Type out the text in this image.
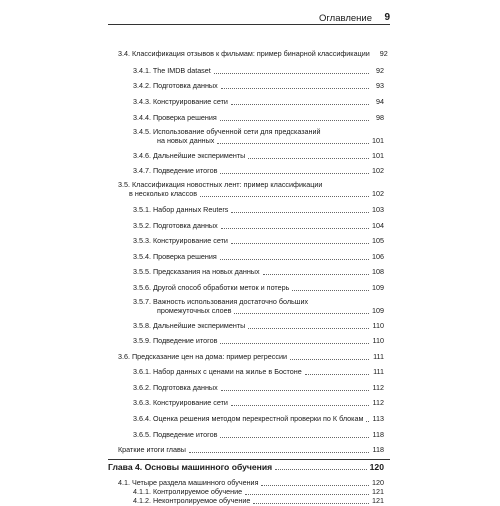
Оглавление 9
3.4. Классификация отзывов к фильмам: пример бинарной классификации	92
3.4.1. The IMDB dataset	92
3.4.2. Подготовка данных	93
3.4.3. Конструирование сети	94
3.4.4. Проверка решения	98
3.4.5. Использование обученной сети для предсказаний
на новых данных	101
3.4.6. Дальнейшие эксперименты	101
3.4.7. Подведение итогов	102
3.5. Классификация новостных лент: пример классификации
в несколько классов	102
3.5.1. Набор данных Reuters	103
3.5.2. Подготовка данных	104
3.5.3. Конструирование сети	105
3.5.4. Проверка решения	106
3.5.5. Предсказания на новых данных	108
3.5.6. Другой способ обработки меток и потерь	109
3.5.7. Важность использования достаточно больших
промежуточных слоев	109
3.5.8. Дальнейшие эксперименты	110
3.5.9. Подведение итогов	110
3.6. Предсказание цен на дома: пример регрессии	111
3.6.1. Набор данных с ценами на жилье в Бостоне	111
3.6.2. Подготовка данных	112
3.6.3. Конструирование сети	112
3.6.4. Оценка решения методом перекрестной проверки по К блокам 113
3.6.5. Подведение итогов	118
Краткие итоги главы	118
Глава 4. Основы машинного обучения	120
4.1. Четыре раздела машинного обучения	120
4.1.1. Контролируемое обучение	121
4.1.2. Неконтролируемое обучение	121
